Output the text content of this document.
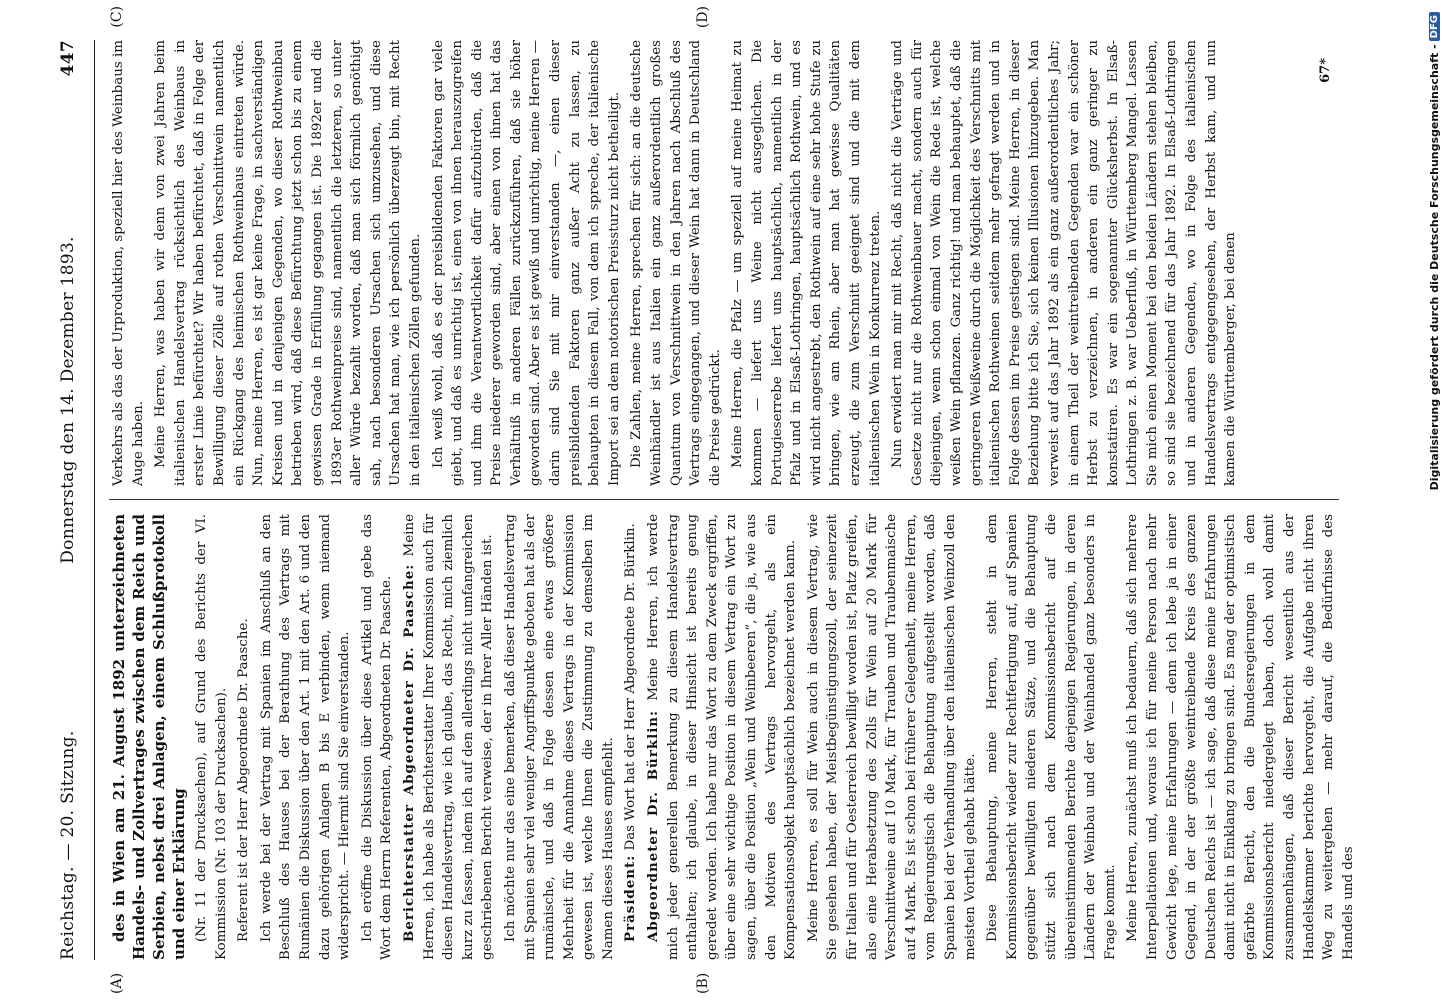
Reichstag. — 20. Sitzung.
Donnerstag den 14. Dezember 1893.
447
(A)	(B)
(C)	(D)

des in Wien am 21. August 1892 unterzeichneten Handels- und Zollvertrages zwischen dem Reich und Serbien, nebst drei Anlagen, einem Schlußprotokoll und einer Erklärung (Nr. 11 der Drucksachen), auf Grund des Berichts der VI. Kommission (Nr. 103 der Drucksachen). Referent ist der Herr Abgeordnete Dr. Paasche. Ich werde bei der Vertrag mit Spanien im Anschluß an den Beschluß des Hauses bei der Berathung des Vertrags mit Rumänien die Diskussion über den Art. 1 mit den Art. 6 und den dazu gehörigen Anlagen B bis E verbinden, wenn niemand widerspricht. — Hiermit sind Sie einverstanden. Ich eröffne die Diskussion über diese Artikel und gebe das Wort dem Herrn Referenten, Abgeordneten Dr. Paasche. Berichterstatter Abgeordneter Dr. Paasche: Meine Herren, ich habe als Berichterstatter Ihrer Kommission auch für diesen Handelsvertrag, wie ich glaube, das Recht, mich ziemlich kurz zu fassen, indem ich auf den allerdings nicht umfangreichen geschriebenen Bericht verweise, der in Ihrer Aller Händen ist. Ich möchte nur das eine bemerken, daß dieser Handelsvertrag mit Spanien sehr viel weniger Angriffspunkte geboten hat als der rumänische, und daß in Folge dessen eine etwas größere Mehrheit für die Annahme dieses Vertrags in der Kommission gewesen ist, welche Ihnen die Zustimmung zu demselben im Namen dieses Hauses empfiehlt. Präsident: Das Wort hat der Herr Abgeordnete Dr. Bürklin. Abgeordneter Dr. Bürklin: Meine Herren, ich werde mich jeder generellen Bemerkung zu diesem Handelsvertrag enthalten; ich glaube, in dieser Hinsicht ist bereits genug geredet worden. Ich habe nur das Wort zu dem Zweck ergriffen, über eine sehr wichtige Position in diesem Vertrag ein Wort zu sagen, über die Position „Wein und Weinbeeren“, die ja, wie aus den Motiven des Vertrags hervorgeht, als ein Kompensationsobjekt hauptsächlich bezeichnet werden kann. Meine Herren, es soll für Wein auch in diesem Vertrag, wie Sie gesehen haben, der Meistbegünstigungszoll, der seinerzeit für Italien und für Oesterreich bewilligt worden ist, Platz greifen, also eine Herabsetzung des Zolls für Wein auf 20 Mark für Verschnittweine auf 10 Mark, für Trauben und Traubenmaische auf 4 Mark. Es ist schon bei früherer Gelegenheit, meine Herren, vom Regierungstisch die Behauptung aufgestellt worden, daß Spanien bei der Verhandlung über den italienischen Weinzoll den meisten Vortheil gehabt hätte. Diese Behauptung, meine Herren, steht in dem Kommissionsbericht wieder zur Rechtfertigung auf, auf Spanien gegenüber bewilligten niederen Sätze, und die Behauptung stützt sich nach dem Kommissionsbericht auf die übereinstimmenden Berichte derjenigen Regierungen, in deren Ländern der Weinbau und der Weinhandel ganz besonders in Frage kommt. Meine Herren, zunächst muß ich bedauern, daß sich mehrere Interpellationen und, woraus ich für meine Person nach mehr Gewicht lege, meine Erfahrungen — denn ich lebe ja in einer Gegend, in der der größte weintreibende Kreis des ganzen Deutschen Reichs ist — ich sage, daß diese meine Erfahrungen damit nicht in Einklang zu bringen sind. Es mag der optimistisch gefärbte Bericht, den die Bundesregierungen in dem Kommissionsbericht niedergelegt haben, doch wohl damit zusammenhängen, daß dieser Bericht wesentlich aus der Handelskammer berichte hervorgeht, die Aufgabe nicht ihren Weg zu weitergehen — mehr darauf, die Bedürfnisse des Handels und des

Verkehrs als das der Urproduktion, speziell hier des Weinbaus im Auge haben. Meine Herren, was haben wir denn von zwei Jahren beim italienischen Handelsvertrag rücksichtlich des Weinbaus in erster Linie befürchtet? Wir haben befürchtet, daß in Folge der Bewilligung dieser Zölle auf rothen Verschnittwein namentlich ein Rückgang des heimischen Rothweinbaus eintreten würde. Nun, meine Herren, es ist gar keine Frage, in sachverständigen Kreisen und in denjenigen Gegenden, wo dieser Rothweinbau betrieben wird, daß diese Befürchtung jetzt schon bis zu einem gewissen Grade in Erfüllung gegangen ist. Die 1892er und die 1893er Rothweinpreise sind, namentlich die letzteren, so unter aller Würde bezahlt worden, daß man sich förmlich genöthigt sah, nach besonderen Ursachen sich umzusehen, und diese Ursachen hat man, wie ich persönlich überzeugt bin, mit Recht in den italienischen Zöllen gefunden. Ich weiß wohl, daß es der preisbildenden Faktoren gar viele giebt, und daß es unrichtig ist, einen von ihnen herauszugreifen und ihm die Verantwortlichkeit dafür aufzubürden, daß die Preise niederer geworden sind, aber einen von ihnen hat das Verhältniß in anderen Fällen zurückzuführen, daß sie höher geworden sind. Aber es ist gewiß und unrichtig, meine Herren — darin sind Sie mit mir einverstanden —, einen dieser preisbildenden Faktoren ganz außer Acht zu lassen, zu behaupten in diesem Fall, von dem ich spreche, der italienische Import sei an dem notorischen Preissturz nicht betheiligt. Die Zahlen, meine Herren, sprechen für sich: an die deutsche Weinhändler ist aus Italien ein ganz außerordentlich großes Quantum von Verschnittwein in den Jahren nach Abschluß des Vertrags eingegangen, und dieser Wein hat dann in Deutschland die Preise gedrückt. Meine Herren, die Pfalz — um speziell auf meine Heimat zu kommen — liefert uns Weine nicht ausgeglichen. Die Portugieserrebe liefert uns hauptsächlich, namentlich in der Pfalz und in Elsaß-Lothringen, hauptsächlich Rothwein, und es wird nicht angestrebt, den Rothwein auf eine sehr hohe Stufe zu bringen, wie am Rhein, aber man hat gewisse Qualitäten erzeugt, die zum Verschnitt geeignet sind und die mit dem italienischen Wein in Konkurrenz treten. Nun erwidert man mir mit Recht, daß nicht die Verträge und Gesetze nicht nur die Rothweinbauer macht, sondern auch für diejenigen, wenn schon einmal von Wein die Rede ist, welche weißen Wein pflanzen. Ganz richtig! und man behauptet, daß die geringeren Weißweine durch die Möglichkeit des Verschnitts mit italienischen Rothweinen seitdem mehr gefragt werden und in Folge dessen im Preise gestiegen sind. Meine Herren, in dieser Beziehung bitte ich Sie, sich keinen Illusionen hinzugeben. Man verweist auf das Jahr 1892 als ein ganz außerordentliches Jahr; in einem Theil der weintreibenden Gegenden war ein schöner Herbst zu verzeichnen, in anderen ein ganz geringer zu konstatiren. Es war ein sogenannter Glücksherbst. In Elsaß-Lothringen z. B. war Ueberfluß, in Württemberg Mangel. Lassen Sie mich einen Moment bei den beiden Ländern stehen bleiben, so sind sie bezeichnend für das Jahr 1892. In Elsaß-Lothringen und in anderen Gegenden, wo in Folge des italienischen Handelsvertrags entgegengesehen, der Herbst kam, und nun kamen die Württemberger, bei denen

67*	Digitalisierung gefördert durch die Deutsche Forschungsgemeinschaft -
DFG
